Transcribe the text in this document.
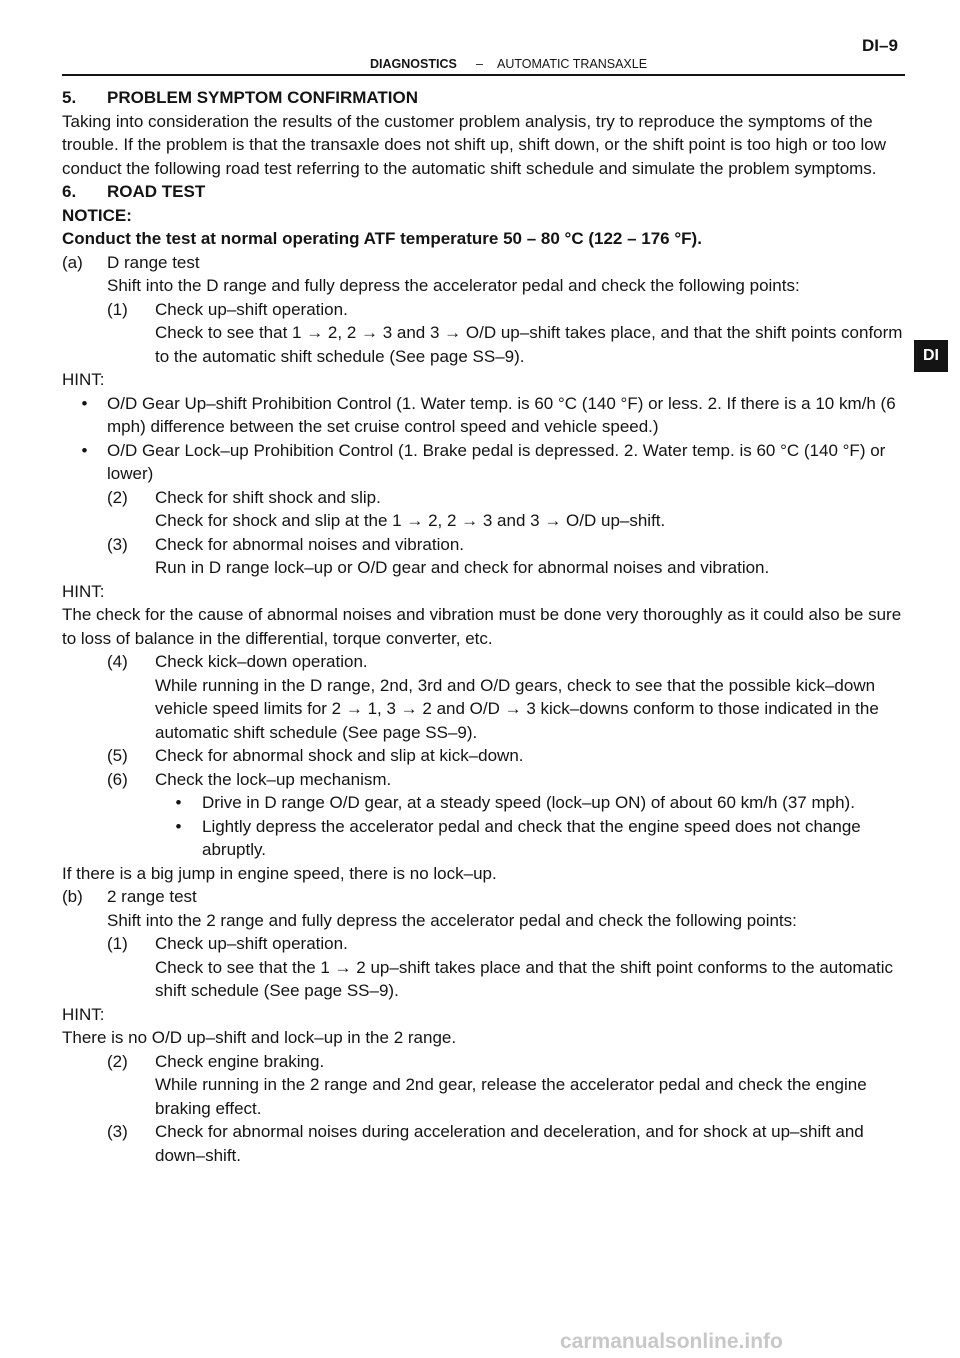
DI–9
DIAGNOSTICS – AUTOMATIC TRANSAXLE
DI

5. PROBLEM SYMPTOM CONFIRMATION

Taking into consideration the results of the customer problem analysis, try to reproduce the symptoms of the trouble. If the problem is that the transaxle does not shift up, shift down, or the shift point is too high or too low conduct the following road test referring to the automatic shift schedule and simulate the problem symptoms.

6. ROAD TEST

NOTICE:

Conduct the test at normal operating ATF temperature 50 – 80 °C (122 – 176 °F).

(a)	D range test

Shift into the D range and fully depress the accelerator pedal and check the following points:

(1)	Check up–shift operation.

Check to see that 1 → 2, 2 → 3 and 3 → O/D up–shift takes place, and that the shift points conform to the automatic shift schedule (See page SS–9).

HINT:

•	O/D Gear Up–shift Prohibition Control (1. Water temp. is 60 °C (140 °F) or less. 2. If there is a 10 km/h (6 mph) difference between the set cruise control speed and vehicle speed.)
•	O/D Gear Lock–up Prohibition Control (1. Brake pedal is depressed. 2. Water temp. is 60 °C (140 °F) or lower)
(2)	Check for shift shock and slip.

Check for shock and slip at the 1 → 2, 2 → 3 and 3 → O/D up–shift.

(3)	Check for abnormal noises and vibration.

Run in D range lock–up or O/D gear and check for abnormal noises and vibration.

HINT:

The check for the cause of abnormal noises and vibration must be done very thoroughly as it could also be sure to loss of balance in the differential, torque converter, etc.

(4)	Check kick–down operation.

While running in the D range, 2nd, 3rd and O/D gears, check to see that the possible kick–down vehicle speed limits for 2 → 1, 3 → 2 and O/D → 3 kick–downs conform to those indicated in the automatic shift schedule (See page SS–9).

(5)	Check for abnormal shock and slip at kick–down.
(6)	Check the lock–up mechanism.
•	Drive in D range O/D gear, at a steady speed (lock–up ON) of about 60 km/h (37 mph).
•	Lightly depress the accelerator pedal and check that the engine speed does not change abruptly.

If there is a big jump in engine speed, there is no lock–up.

(b)	2 range test

Shift into the 2 range and fully depress the accelerator pedal and check the following points:

(1)	Check up–shift operation.

Check to see that the 1 → 2 up–shift takes place and that the shift point conforms to the automatic shift schedule (See page SS–9).

HINT:

There is no O/D up–shift and lock–up in the 2 range.

(2)	Check engine braking.

While running in the 2 range and 2nd gear, release the accelerator pedal and check the engine braking effect.

(3)	Check for abnormal noises during acceleration and deceleration, and for shock at up–shift and down–shift.
carmanualsonline.info
